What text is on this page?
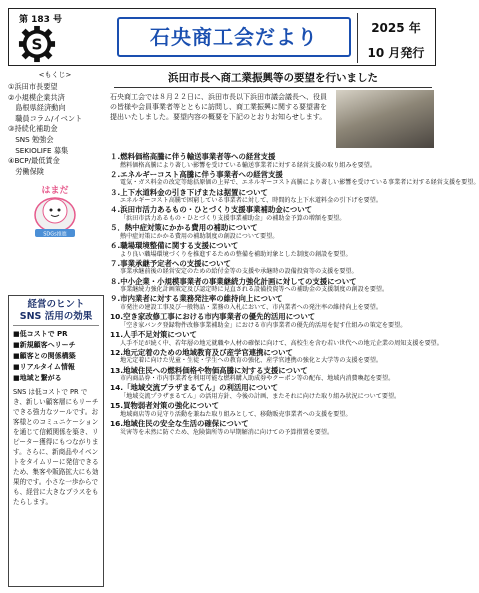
第 183 号
S	石央商工会だより	2025 年
10 月発行
<もくじ>
①浜田市長要望
②小規模企業共済
　島根県経済動向
　職員コラム/イベント
③持続化補助金
　SNS 勉強会
　SEKIOLIFE 募集
④BCP/最低賃金
　労働保険
はまだ
SDGs推進
経営のヒント
SNS 活用の効果
■低コストで PR
■新規顧客へリーチ
■顧客との関係構築
■リアルタイム情報
■地域と繋がる
SNS は低コストで PR でき、新しい顧客層にもリーチできる強力なツールです。お客様とのコミュニケーションを通じて信頼関係を築き、リピーター獲得にもつながります。さらに、新商品やイベントをタイムリーに発信できるため、集客や販路拡大にも効果的です。小さな一歩からでも、経営に大きなプラスをもたらします。
浜田市長へ商工業振興等の要望を行いました
石央商工会では８月２２日に、浜田市長以下浜田市議会議長へ、役員の皆様や会員事業者等とともに訪問し、商工業振興に関する要望書を提出いたしました。要望内容の概要を下記のとおりお知らせします。
１.燃料価格高騰に伴う輸送事業者等への経営支援
燃料価格高騰により著しい影響を受けている輸送事業者に対する経営支援の取り組みを要望。
２.エネルギーコスト高騰に伴う事業者への経営支援
電気・ガス料金の改定等総括原価の上昇で、エネルギーコスト高騰により著しい影響を受けている事業者に対する経営支援を要望。
３.上下水道料金の引き下げまたは据置について
エネルギーコスト高騰で困窮している事業者に対して、時間的な上下水道料金の引下げを要望。
４.浜田市活力あるもの・ひとづくり支援事業補助金について
「浜田市活力あるもの・ひとづくり支援事業補助金」の補助金予算の増額を要望。
５．熱中症対策にかかる費用の補助について
熱中症対策にかかる費用の補助制度の創設について要望。
６.職場環境整備に関する支援について
より良い職場環境づくりを推進するための整備を補助対象とした制度の創設を要望。
７.事業承継予定者への支援について
事業承継前後の経営安定のための給付金等の支援や承継時の設備投資等の支援を要望。
８.中小企業・小規模事業者の事業継続力強化計画に対しての支援について
事業継続力強化計画策定及び認定時に見直される設備投資等への補助金の支援制度の創設を要望。
９.市内業者に対する業務発注率の維持向上について
市発注の建設工事及び一般物品・業務の入札において、市内業者への発注率の維持向上を要望。
10.空き家改修工事における市内事業者の優先的活用について
「空き家バンク登録物件改修事業補助金」における市内事業者の優先的活用を促す仕組みの策定を要望。
11.人手不足対策について
人手不足が続く中、若年層の地元就職や人材の確保に向けて、高校生を含む若い世代への地元企業の周知支援を要望。
12.地元定着のための地域教育及び産学官連携について
地元定着に向けた児童・生徒・学生への教育の強化、産学官連携の強化と大学等の支援を要望。
13.地域住民への燃料価格や物価高騰に対する支援について
市内商品券・市内事業者を利用可能な燃料購入助成券やクーポン等の配布、地域内消費喚起を要望。
14.「地域交流プラザまるてん」の利活用について
「地域交流プラザまるてん」の活用方針、今後の計画、またそれに向けた取り組み状況について要望。
15.買物弱者対策の強化について
地域商店等の見守り活動を兼ねた取り組みとして、移動販売事業者への支援を要望。
16.地域住民の安全な生活の確保について
災害等を未然に防ぐため、危険箇所等の早期解消に向けての予算措置を要望。
